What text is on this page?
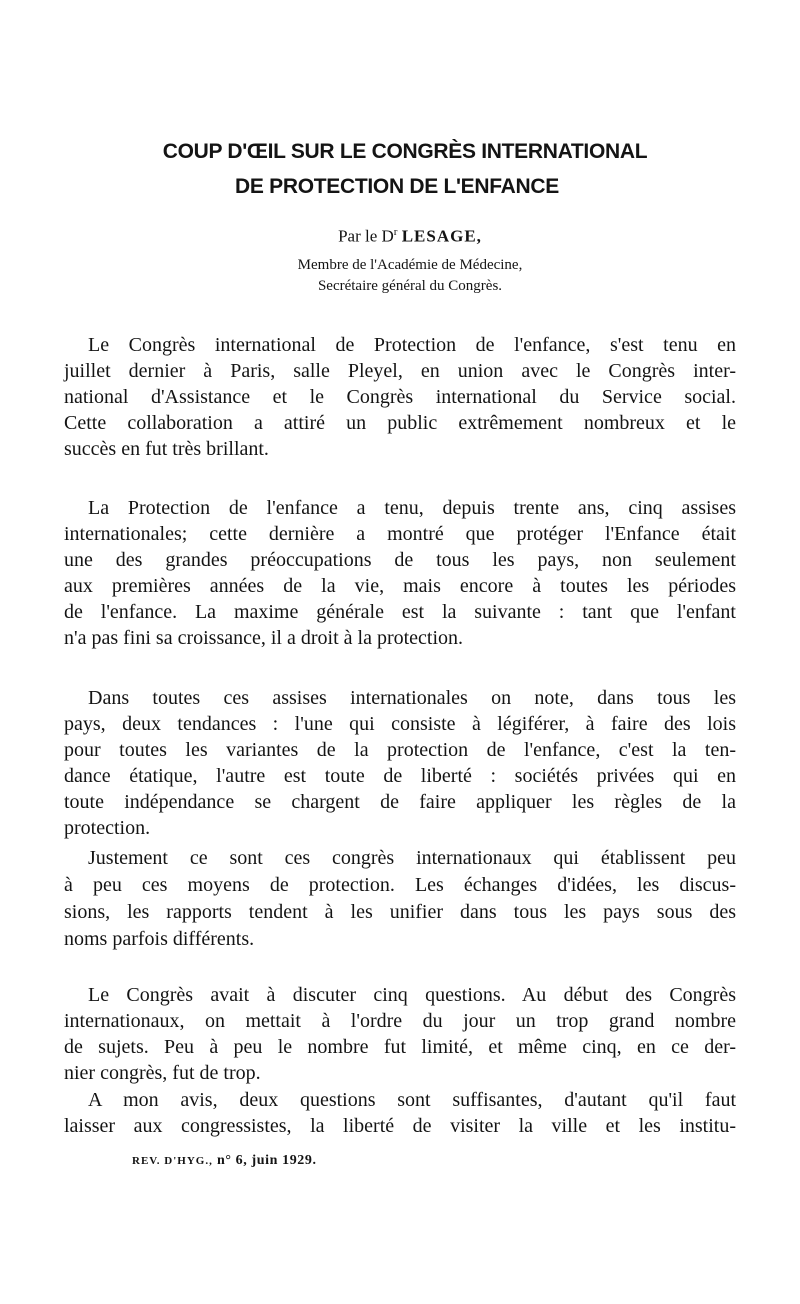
COUP D'ŒIL SUR LE CONGRÈS INTERNATIONAL
DE PROTECTION DE L'ENFANCE
Par le $D^r$ LESAGE,
Membre de l'Académie de Médecine,
Secrétaire général du Congrès.
Le Congrès international de Protection de l'enfance, s'est tenu en
juillet dernier à Paris, salle Pleyel, en union avec le Congrès inter-
national d'Assistance et le Congrès international du Service social.
Cette collaboration a attiré un public extrêmement nombreux et le
succès en fut très brillant.
La Protection de l'enfance a tenu, depuis trente ans, cinq assises
internationales; cette dernière a montré que protéger l'Enfance était
une des grandes préoccupations de tous les pays, non seulement
aux premières années de la vie, mais encore à toutes les périodes
de l'enfance. La maxime générale est la suivante : tant que l'enfant
n'a pas fini sa croissance, il a droit à la protection.
Dans toutes ces assises internationales on note, dans tous les
pays, deux tendances : l'une qui consiste à légiférer, à faire des lois
pour toutes les variantes de la protection de l'enfance, c'est la ten-
dance étatique, l'autre est toute de liberté : sociétés privées qui en
toute indépendance se chargent de faire appliquer les règles de la
protection.
Justement ce sont ces congrès internationaux qui établissent peu
à peu ces moyens de protection. Les échanges d'idées, les discus-
sions, les rapports tendent à les unifier dans tous les pays sous des
noms parfois différents.
Le Congrès avait à discuter cinq questions. Au début des Congrès
internationaux, on mettait à l'ordre du jour un trop grand nombre
de sujets. Peu à peu le nombre fut limité, et même cinq, en ce der-
nier congrès, fut de trop.
A mon avis, deux questions sont suffisantes, d'autant qu'il faut
laisser aux congressistes, la liberté de visiter la ville et les institu-
REV. D'HYG., n° 6, juin 1929.
